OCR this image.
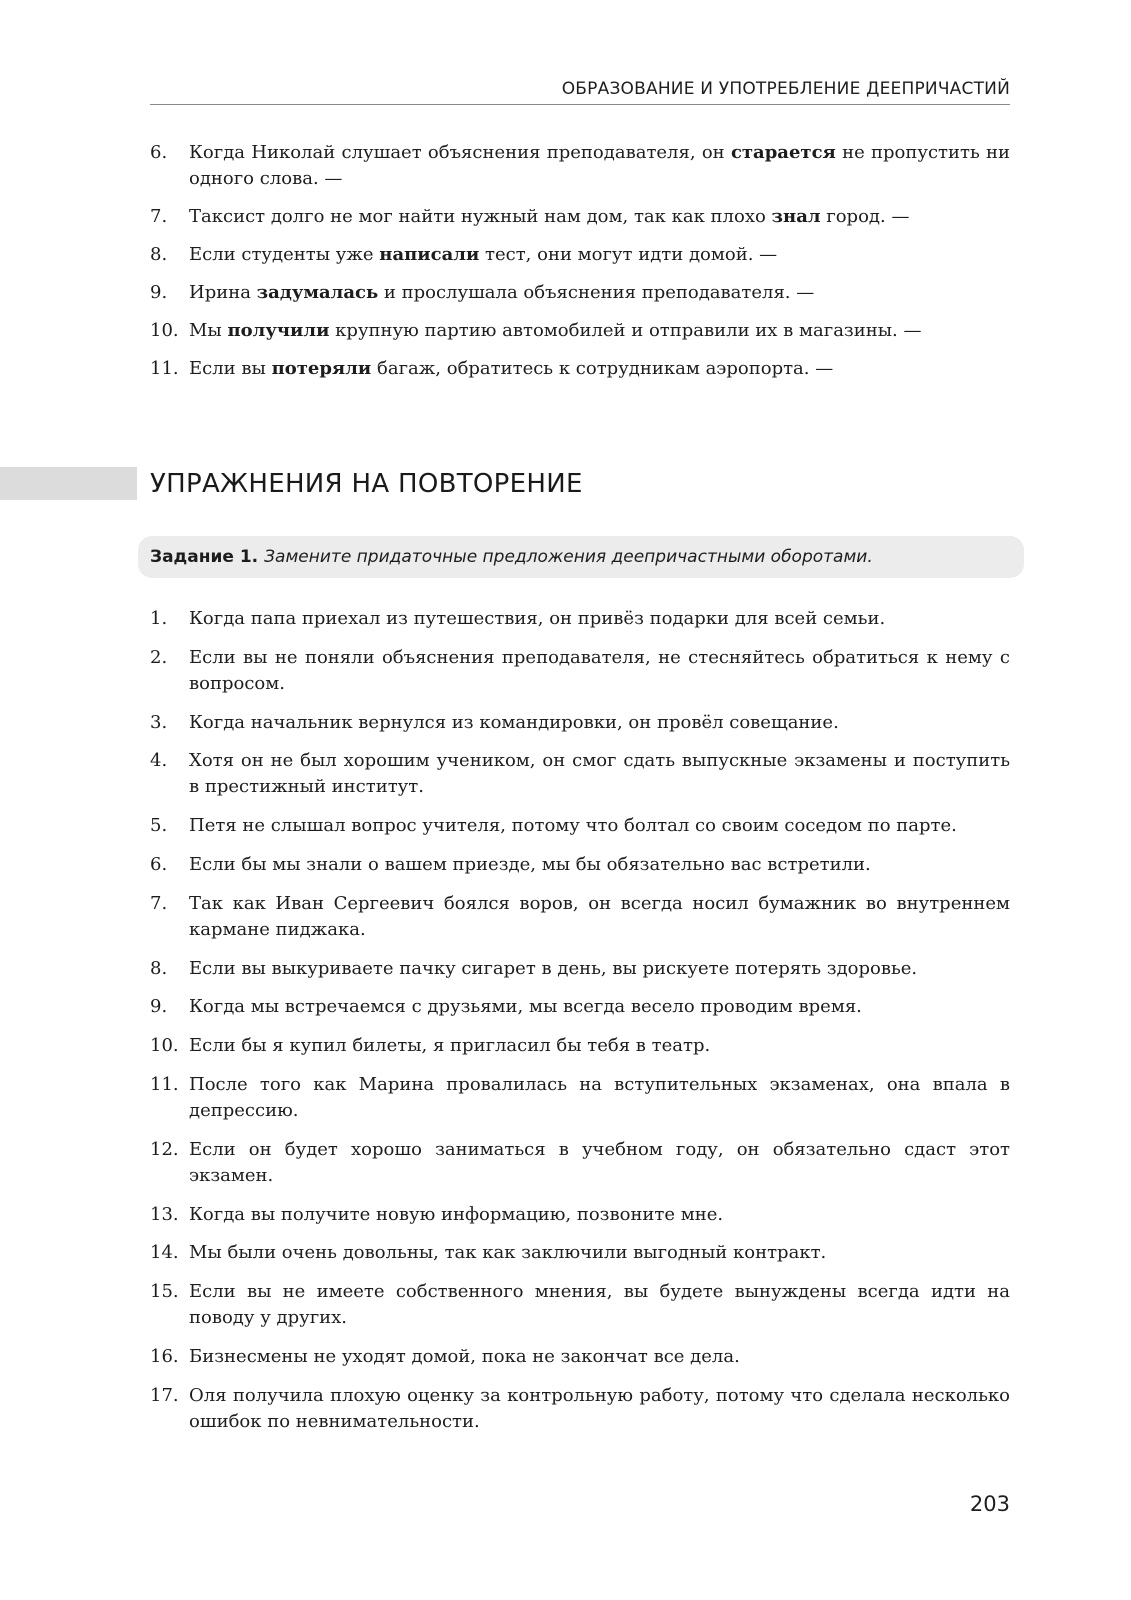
ОБРАЗОВАНИЕ И УПОТРЕБЛЕНИЕ ДЕЕПРИЧАСТИЙ
6.	Когда Николай слушает объяснения преподавателя, он старается не пропустить ни одного слова. —
7.	Таксист долго не мог найти нужный нам дом, так как плохо знал город. —
8.	Если студенты уже написали тест, они могут идти домой. —
9.	Ирина задумалась и прослушала объяснения преподавателя. —
10. Мы получили крупную партию автомобилей и отправили их в магазины. —
11. Если вы потеряли багаж, обратитесь к сотрудникам аэропорта. —
УПРАЖНЕНИЯ НА ПОВТОРЕНИЕ
Задание 1. Замените придаточные предложения деепричастными оборотами.
1.	Когда папа приехал из путешествия, он привёз подарки для всей семьи.
2.	Если вы не поняли объяснения преподавателя, не стесняйтесь обратиться к нему с вопросом.
3.	Когда начальник вернулся из командировки, он провёл совещание.
4.	Хотя он не был хорошим учеником, он смог сдать выпускные экзамены и поступить в престижный институт.
5.	Петя не слышал вопрос учителя, потому что болтал со своим соседом по парте.
6.	Если бы мы знали о вашем приезде, мы бы обязательно вас встретили.
7.	Так как Иван Сергеевич боялся воров, он всегда носил бумажник во внутреннем кармане пиджака.
8.	Если вы выкуриваете пачку сигарет в день, вы рискуете потерять здоровье.
9.	Когда мы встречаемся с друзьями, мы всегда весело проводим время.
10. Если бы я купил билеты, я пригласил бы тебя в театр.
11. После того как Марина провалилась на вступительных экзаменах, она впала в депрессию.
12. Если он будет хорошо заниматься в учебном году, он обязательно сдаст этот экзамен.
13. Когда вы получите новую информацию, позвоните мне.
14. Мы были очень довольны, так как заключили выгодный контракт.
15. Если вы не имеете собственного мнения, вы будете вынуждены всегда идти на поводу у других.
16. Бизнесмены не уходят домой, пока не закончат все дела.
17. Оля получила плохую оценку за контрольную работу, потому что сделала несколько ошибок по невнимательности.
203
